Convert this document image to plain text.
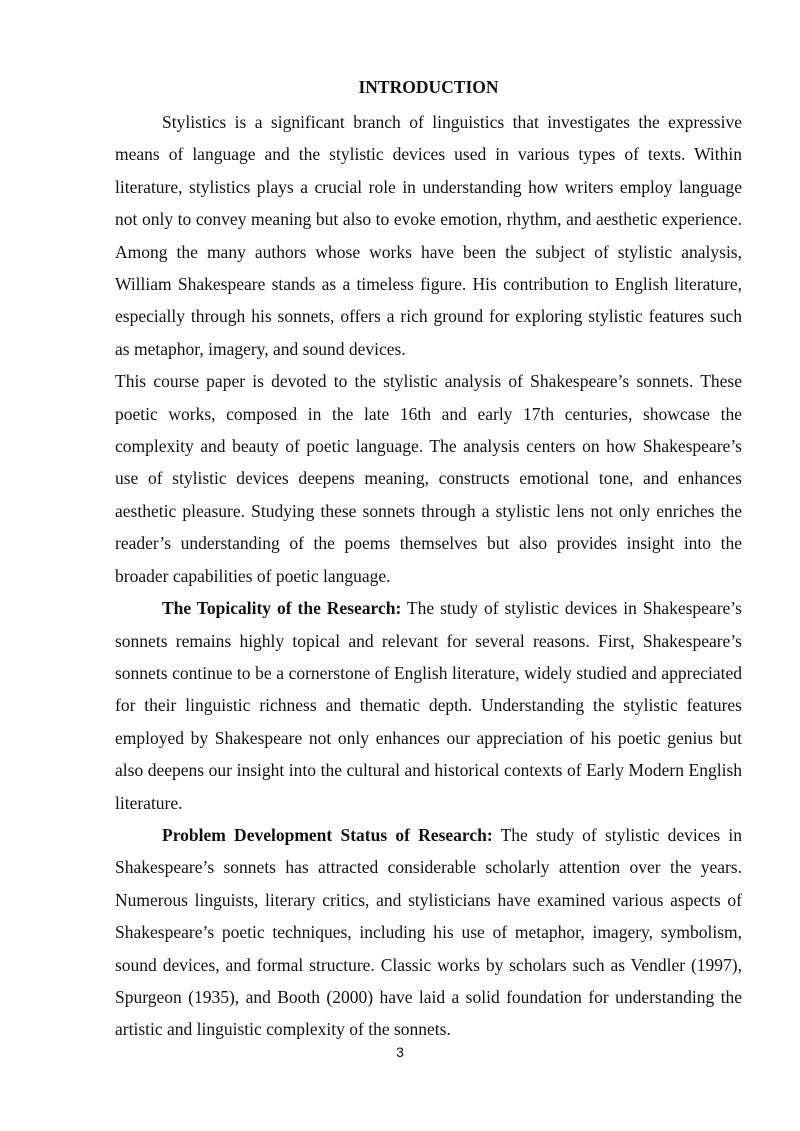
INTRODUCTION

Stylistics is a significant branch of linguistics that investigates the expressive means of language and the stylistic devices used in various types of texts. Within literature, stylistics plays a crucial role in understanding how writers employ language not only to convey meaning but also to evoke emotion, rhythm, and aesthetic experience. Among the many authors whose works have been the subject of stylistic analysis, William Shakespeare stands as a timeless figure. His contribution to English literature, especially through his sonnets, offers a rich ground for exploring stylistic features such as metaphor, imagery, and sound devices.

This course paper is devoted to the stylistic analysis of Shakespeare’s sonnets. These poetic works, composed in the late 16th and early 17th centuries, showcase the complexity and beauty of poetic language. The analysis centers on how Shakespeare’s use of stylistic devices deepens meaning, constructs emotional tone, and enhances aesthetic pleasure. Studying these sonnets through a stylistic lens not only enriches the reader’s understanding of the poems themselves but also provides insight into the broader capabilities of poetic language.

The Topicality of the Research: The study of stylistic devices in Shakespeare’s sonnets remains highly topical and relevant for several reasons. First, Shakespeare’s sonnets continue to be a cornerstone of English literature, widely studied and appreciated for their linguistic richness and thematic depth. Understanding the stylistic features employed by Shakespeare not only enhances our appreciation of his poetic genius but also deepens our insight into the cultural and historical contexts of Early Modern English literature.

Problem Development Status of Research: The study of stylistic devices in Shakespeare’s sonnets has attracted considerable scholarly attention over the years. Numerous linguists, literary critics, and stylisticians have examined various aspects of Shakespeare’s poetic techniques, including his use of metaphor, imagery, symbolism, sound devices, and formal structure. Classic works by scholars such as Vendler (1997), Spurgeon (1935), and Booth (2000) have laid a solid foundation for understanding the artistic and linguistic complexity of the sonnets.

3
